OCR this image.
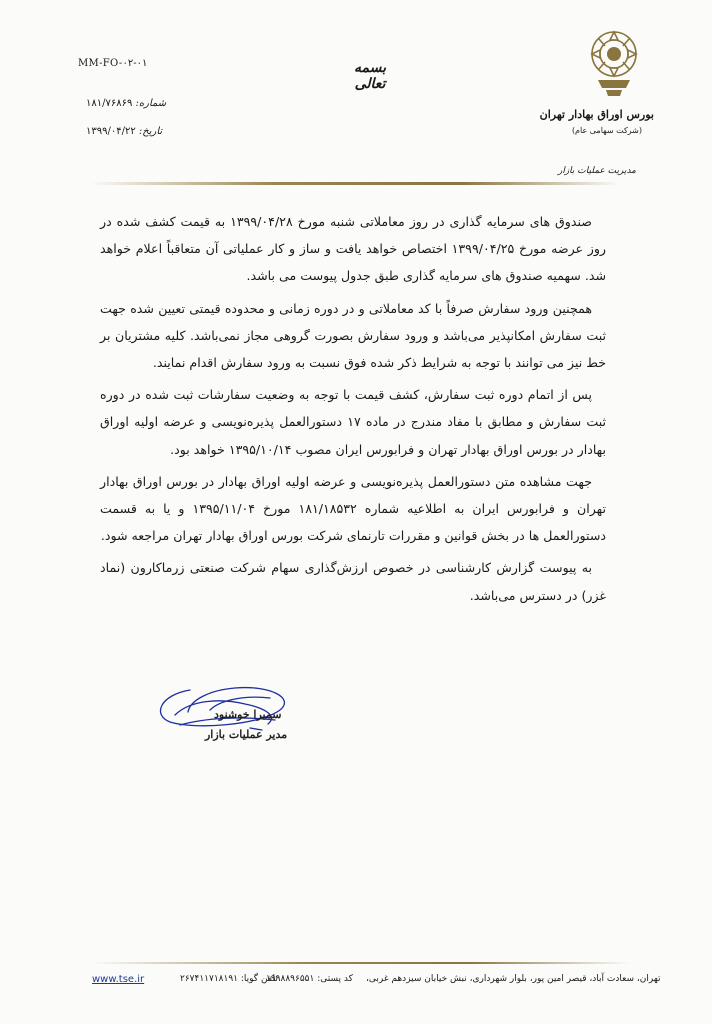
MM-FO-۰۲-۰۱
شماره: ۱۸۱/۷۶۸۶۹
تاریخ: ۱۳۹۹/۰۴/۲۲
بسمه تعالی
بورس اوراق بهادار تهران
(شرکت سهامی عام)
مدیریت عملیات بازار

صندوق های سرمایه گذاری در روز معاملاتی شنبه مورخ ۱۳۹۹/۰۴/۲۸ به قیمت کشف شده در روز عرضه مورخ ۱۳۹۹/۰۴/۲۵ اختصاص خواهد یافت و ساز و کار عملیاتی آن متعاقباً اعلام خواهد شد. سهمیه صندوق های سرمایه گذاری طبق جدول پیوست می باشد.

همچنین ورود سفارش صرفاً با کد معاملاتی و در دوره زمانی و محدوده قیمتی تعیین شده جهت ثبت سفارش امکانپذیر می‌باشد و ورود سفارش بصورت گروهی مجاز نمی‌باشد. کلیه مشتریان بر خط نیز می توانند با توجه به شرایط ذکر شده فوق نسبت به ورود سفارش اقدام نمایند.

پس از اتمام دوره ثبت سفارش، کشف قیمت با توجه به وضعیت سفارشات ثبت شده در دوره ثبت سفارش و مطابق با مفاد مندرج در ماده ۱۷ دستورالعمل پذیره‌نویسی و عرضه اولیه اوراق بهادار در بورس اوراق بهادار تهران و فرابورس ایران مصوب ۱۳۹۵/۱۰/۱۴ خواهد بود.

جهت مشاهده متن دستورالعمل پذیره‌نویسی و عرضه اولیه اوراق بهادار در بورس اوراق بهادار تهران و فرابورس ایران به اطلاعیه شماره ۱۸۱/۱۸۵۳۲ مورخ ۱۳۹۵/۱۱/۰۴ و یا به قسمت دستورالعمل ها در بخش قوانین و مقررات تارنمای شرکت بورس اوراق بهادار تهران مراجعه شود.

به پیوست گزارش کارشناسی در خصوص ارزش‌گذاری سهام شرکت صنعتی زرماکارون (نماد غزر) در دسترس می‌باشد.

سمیرا خوشنود
مدیر عملیات بازار
www.tse.ir	تلفن گویا: ۲۶۷۴۱۱۷۱۸۱۹۱
کد پستی: ۱۹۹۸۸۹۶۵۵۱ تهران، سعادت آباد، قیصر امین پور، بلوار شهرداری، نبش خیابان سیزدهم غربی،
